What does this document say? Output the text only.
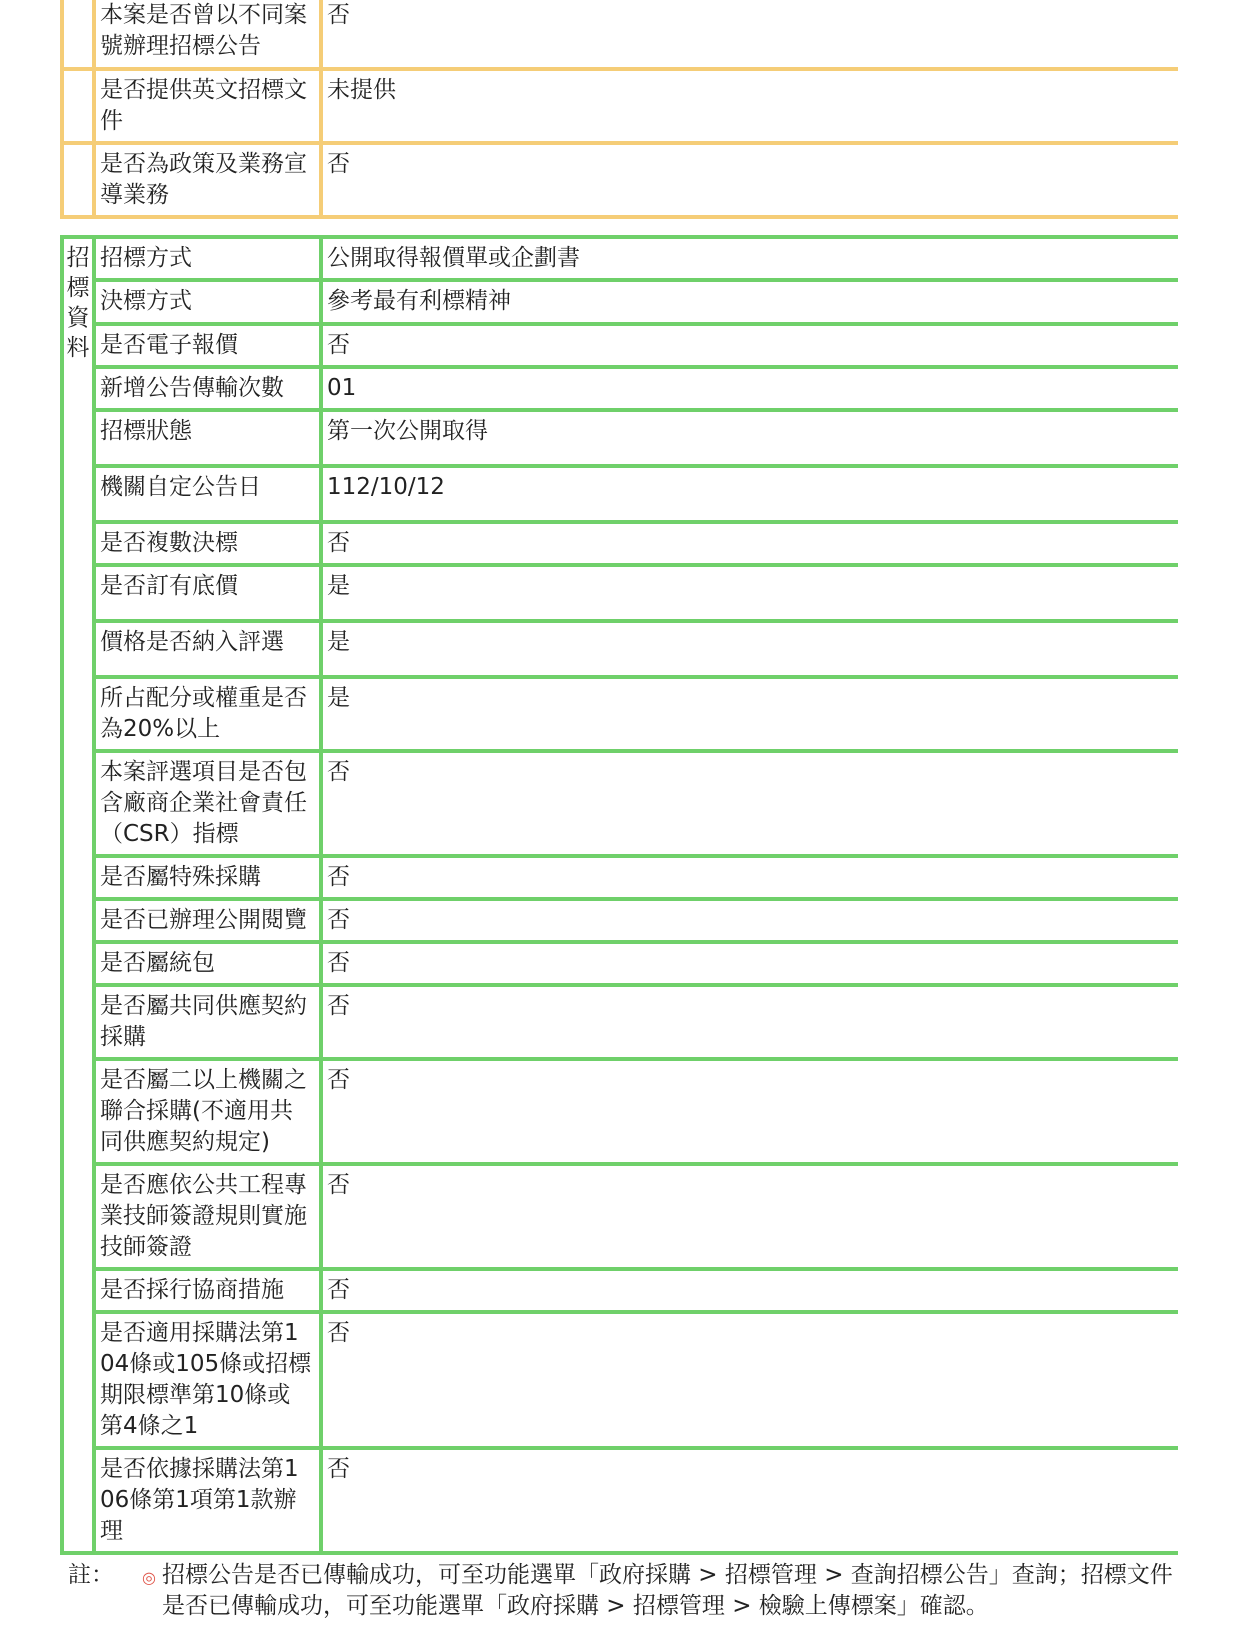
	本案是否曾以不同案號辦理招標公告	否
	是否提供英文招標文件	未提供
	是否為政策及業務宣導業務	否
招標資料	招標方式	公開取得報價單或企劃書
	決標方式	參考最有利標精神
	是否電子報價	否
	新增公告傳輸次數	01
	招標狀態	第一次公開取得
	機關自定公告日	112/10/12
	是否複數決標	否
	是否訂有底價	是
	價格是否納入評選	是
	所占配分或權重是否為20%以上	是
	本案評選項目是否包含廠商企業社會責任（CSR）指標	否
	是否屬特殊採購	否
	是否已辦理公開閱覽	否
	是否屬統包	否
	是否屬共同供應契約採購	否
	是否屬二以上機關之聯合採購(不適用共同供應契約規定)	否
	是否應依公共工程專業技師簽證規則實施技師簽證	否
	是否採行協商措施	否
	是否適用採購法第104條或105條或招標期限標準第10條或第4條之1	否
	是否依據採購法第106條第1項第1款辦理	否
註：	◎ 招標公告是否已傳輸成功，可至功能選單「政府採購 > 招標管理 > 查詢招標公告」查詢；招標文件是否已傳輸成功，可至功能選單「政府採購 > 招標管理 > 檢驗上傳標案」確認。
